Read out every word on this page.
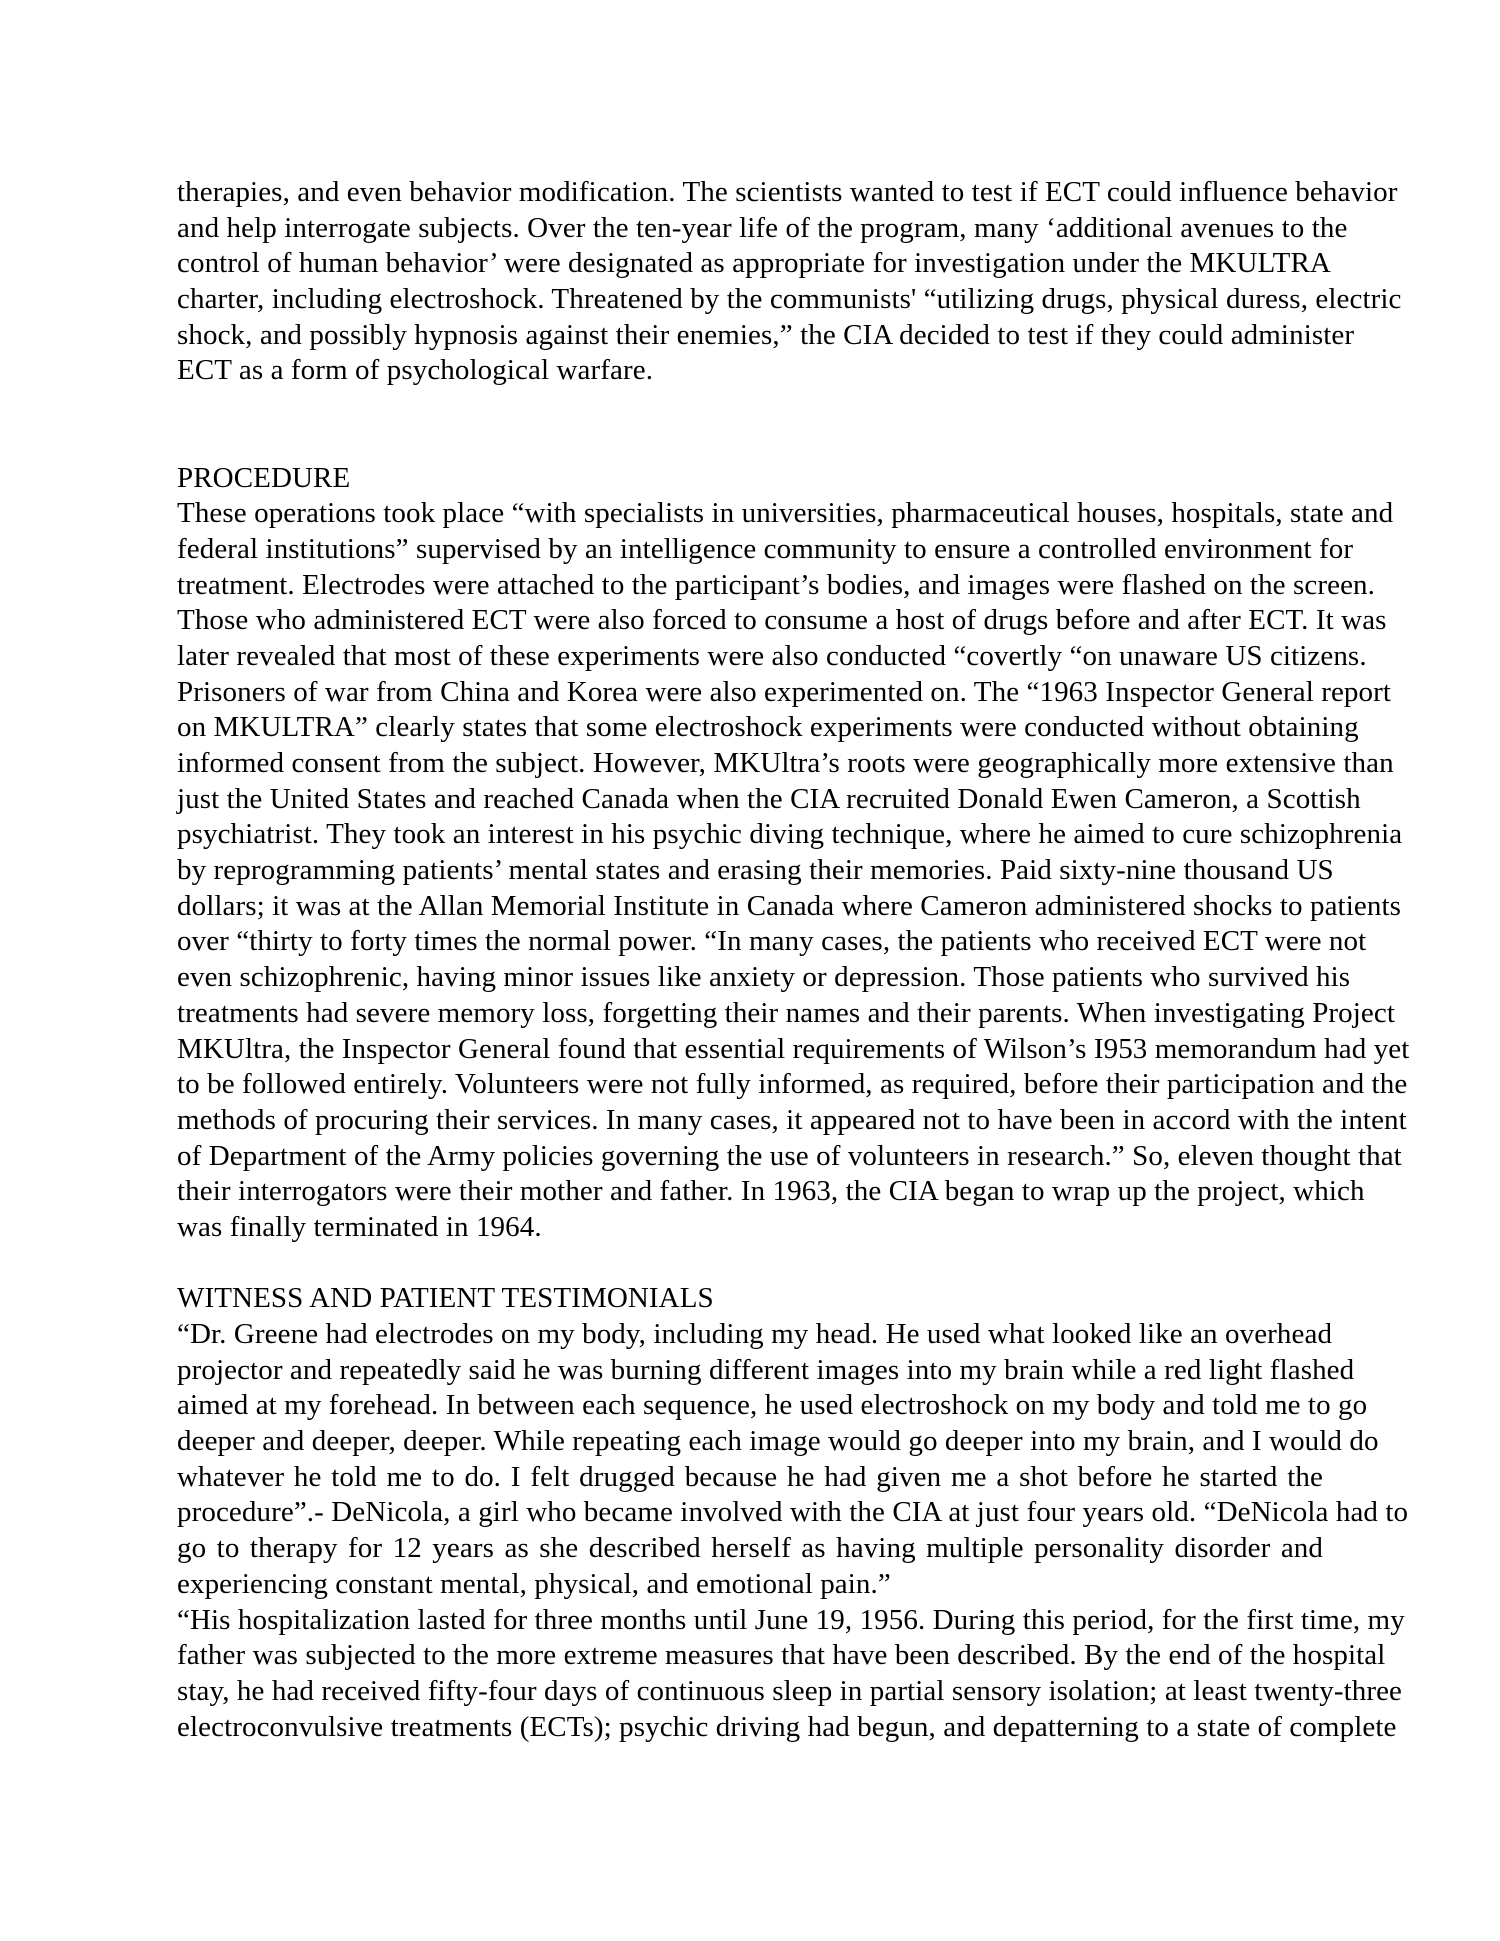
therapies, and even behavior modification. The scientists wanted to test if ECT could influence behavior
and help interrogate subjects. Over the ten-year life of the program, many ‘additional avenues to the
control of human behavior’ were designated as appropriate for investigation under the MKULTRA
charter, including electroshock. Threatened by the communists' “utilizing drugs, physical duress, electric
shock, and possibly hypnosis against their enemies,” the CIA decided to test if they could administer
ECT as a form of psychological warfare.
PROCEDURE
These operations took place “with specialists in universities, pharmaceutical houses, hospitals, state and
federal institutions” supervised by an intelligence community to ensure a controlled environment for
treatment. Electrodes were attached to the participant’s bodies, and images were flashed on the screen.
Those who administered ECT were also forced to consume a host of drugs before and after ECT. It was
later revealed that most of these experiments were also conducted “covertly “on unaware US citizens.
Prisoners of war from China and Korea were also experimented on. The “1963 Inspector General report
on MKULTRA” clearly states that some electroshock experiments were conducted without obtaining
informed consent from the subject. However, MKUltra’s roots were geographically more extensive than
just the United States and reached Canada when the CIA recruited Donald Ewen Cameron, a Scottish
psychiatrist. They took an interest in his psychic diving technique, where he aimed to cure schizophrenia
by reprogramming patients’ mental states and erasing their memories. Paid sixty-nine thousand US
dollars; it was at the Allan Memorial Institute in Canada where Cameron administered shocks to patients
over “thirty to forty times the normal power. “In many cases, the patients who received ECT were not
even schizophrenic, having minor issues like anxiety or depression. Those patients who survived his
treatments had severe memory loss, forgetting their names and their parents. When investigating Project
MKUltra, the Inspector General found that essential requirements of Wilson’s I953 memorandum had yet
to be followed entirely. Volunteers were not fully informed, as required, before their participation and the
methods of procuring their services. In many cases, it appeared not to have been in accord with the intent
of Department of the Army policies governing the use of volunteers in research.” So, eleven thought that
their interrogators were their mother and father. In 1963, the CIA began to wrap up the project, which
was finally terminated in 1964.
WITNESS AND PATIENT TESTIMONIALS
“Dr. Greene had electrodes on my body, including my head. He used what looked like an overhead
projector and repeatedly said he was burning different images into my brain while a red light flashed
aimed at my forehead. In between each sequence, he used electroshock on my body and told me to go
deeper and deeper, deeper. While repeating each image would go deeper into my brain, and I would do
whatever he told me to do. I felt drugged because he had given me a shot before he started the
procedure”.- DeNicola, a girl who became involved with the CIA at just four years old. “DeNicola had to
go to therapy for 12 years as she described herself as having multiple personality disorder and
experiencing constant mental, physical, and emotional pain.”
“His hospitalization lasted for three months until June 19, 1956. During this period, for the first time, my
father was subjected to the more extreme measures that have been described. By the end of the hospital
stay, he had received fifty-four days of continuous sleep in partial sensory isolation; at least twenty-three
electroconvulsive treatments (ECTs); psychic driving had begun, and depatterning to a state of complete
